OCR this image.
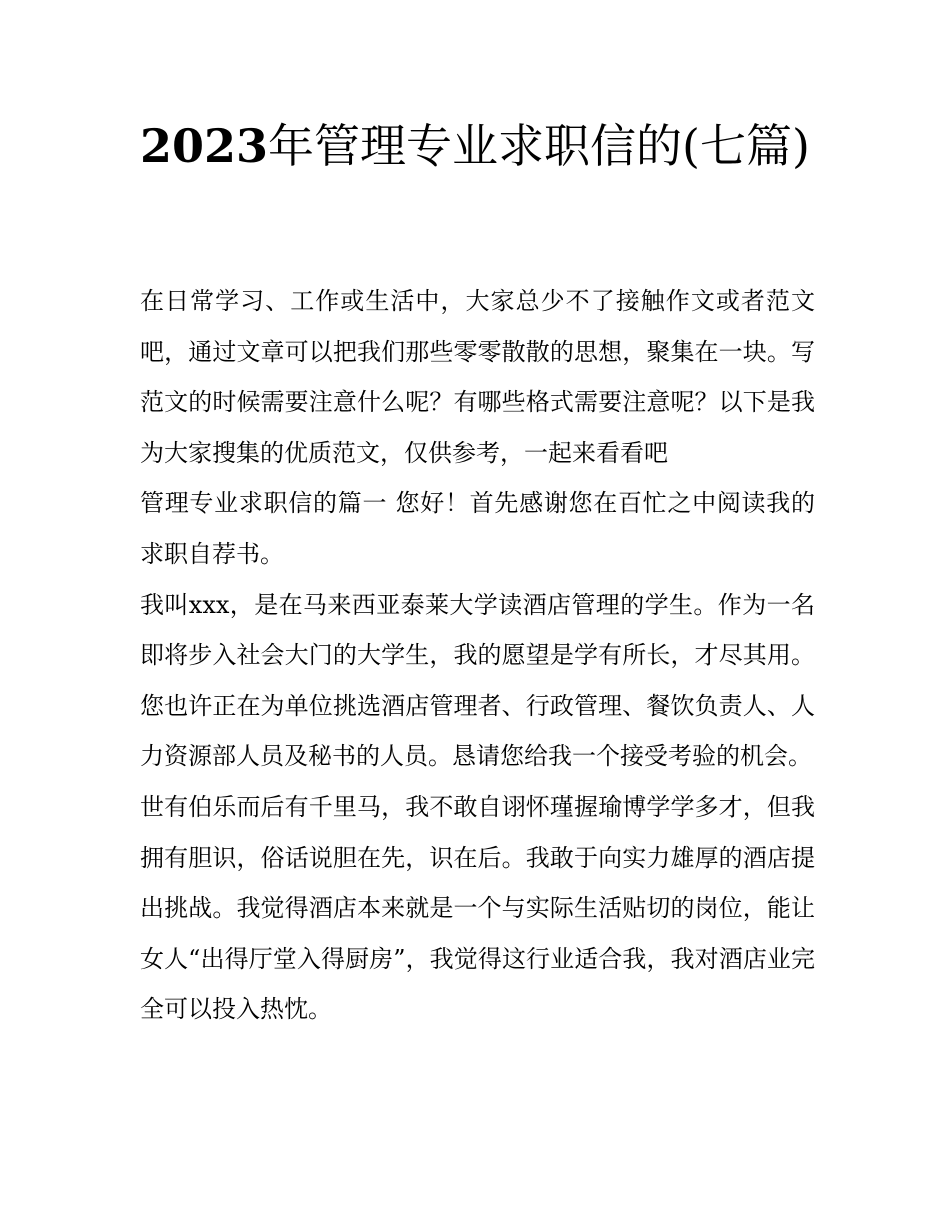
2023年管理专业求职信的(七篇)

在日常学习、工作或生活中，大家总少不了接触作文或者范文吧，通过文章可以把我们那些零零散散的思想，聚集在一块。写范文的时候需要注意什么呢？有哪些格式需要注意呢？以下是我为大家搜集的优质范文，仅供参考，一起来看看吧

管理专业求职信的篇一 您好！首先感谢您在百忙之中阅读我的求职自荐书。

我叫xxx，是在马来西亚泰莱大学读酒店管理的学生。作为一名即将步入社会大门的大学生，我的愿望是学有所长，才尽其用。您也许正在为单位挑选酒店管理者、行政管理、餐饮负责人、人力资源部人员及秘书的人员。恳请您给我一个接受考验的机会。

世有伯乐而后有千里马，我不敢自诩怀瑾握瑜博学学多才，但我拥有胆识，俗话说胆在先，识在后。我敢于向实力雄厚的酒店提出挑战。我觉得酒店本来就是一个与实际生活贴切的岗位，能让女人“出得厅堂入得厨房”，我觉得这行业适合我，我对酒店业完全可以投入热忱。
